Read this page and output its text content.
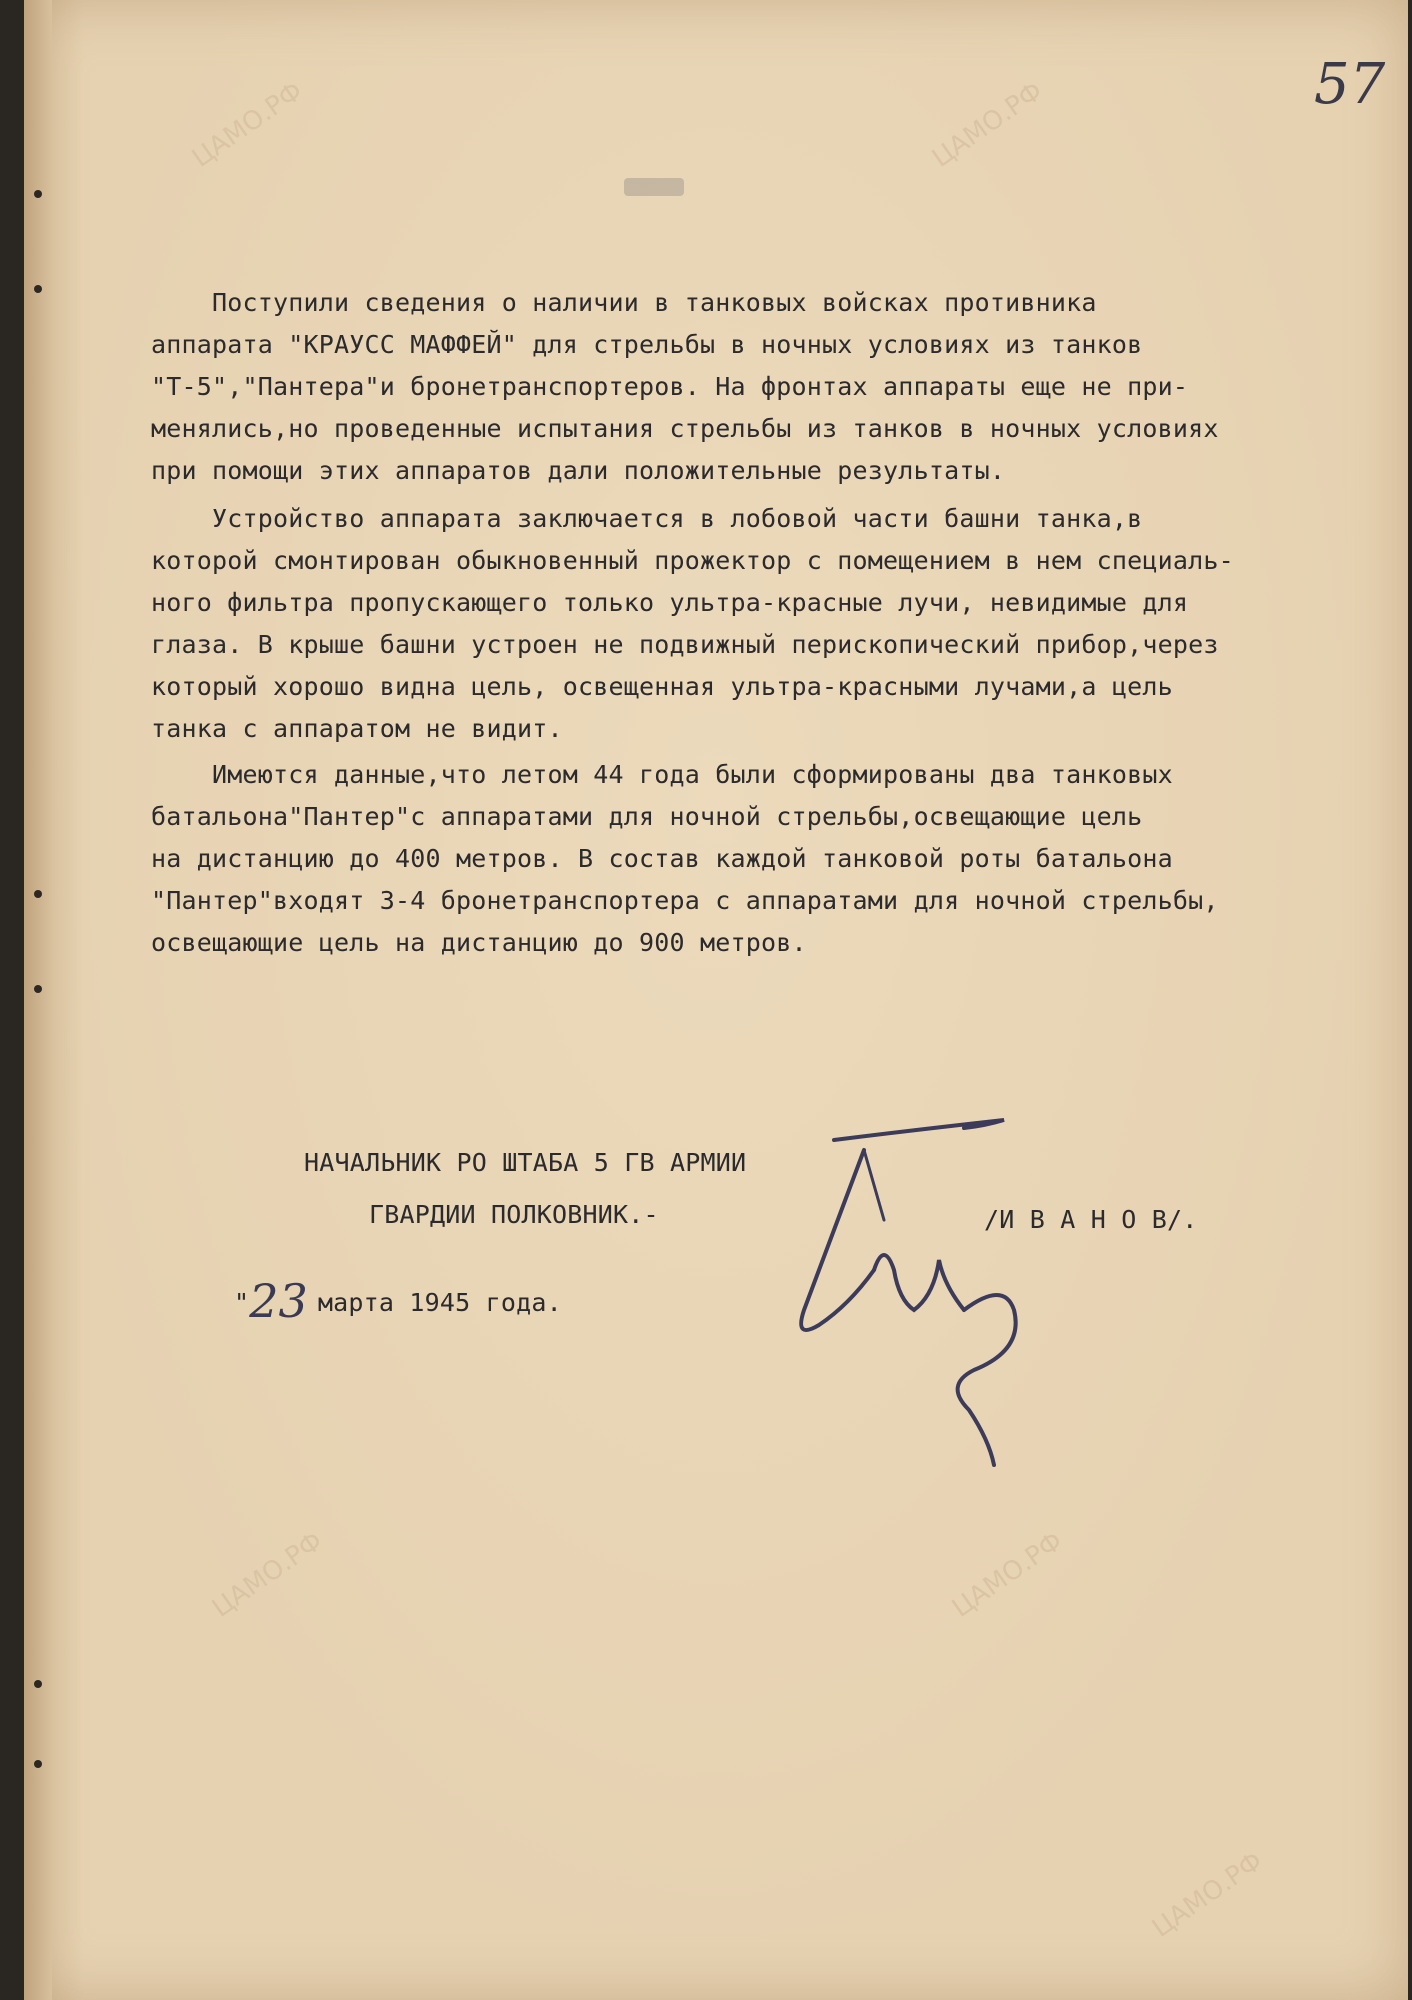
ЦАМО.РФ	ЦАМО.РФ
ЦАМО.РФ	ЦАМО.РФ
ЦАМО.РФ
57
Поступили сведения о наличии в танковых войсках противника
аппарата "КРАУСС МАФФЕЙ" для стрельбы в ночных условиях из танков
"Т-5","Пантера"и бронетранспортеров. На фронтах аппараты еще не при-
менялись,но проведенные испытания стрельбы из танков в ночных условиях
при помощи этих аппаратов дали положительные результаты.
Устройство аппарата заключается в лобовой части башни танка,в
которой смонтирован обыкновенный прожектор с помещением в нем специаль-
ного фильтра пропускающего только ультра-красные лучи, невидимые для
глаза. В крыше башни устроен не подвижный перископический прибор,через
который хорошо видна цель, освещенная ультра-красными лучами,а цель
танка с аппаратом не видит.
Имеются данные,что летом 44 года были сформированы два танковых
батальона"Пантер"с аппаратами для ночной стрельбы,освещающие цель
на дистанцию до 400 метров. В состав каждой танковой роты батальона
"Пантер"входят 3-4 бронетранспортера с аппаратами для ночной стрельбы,
освещающие цель на дистанцию до 900 метров.
НАЧАЛЬНИК РО ШТАБА 5 ГВ АРМИИ
ГВАРДИИ ПОЛКОВНИК.-	/И В А Н О В/.
"23 марта 1945 года.
